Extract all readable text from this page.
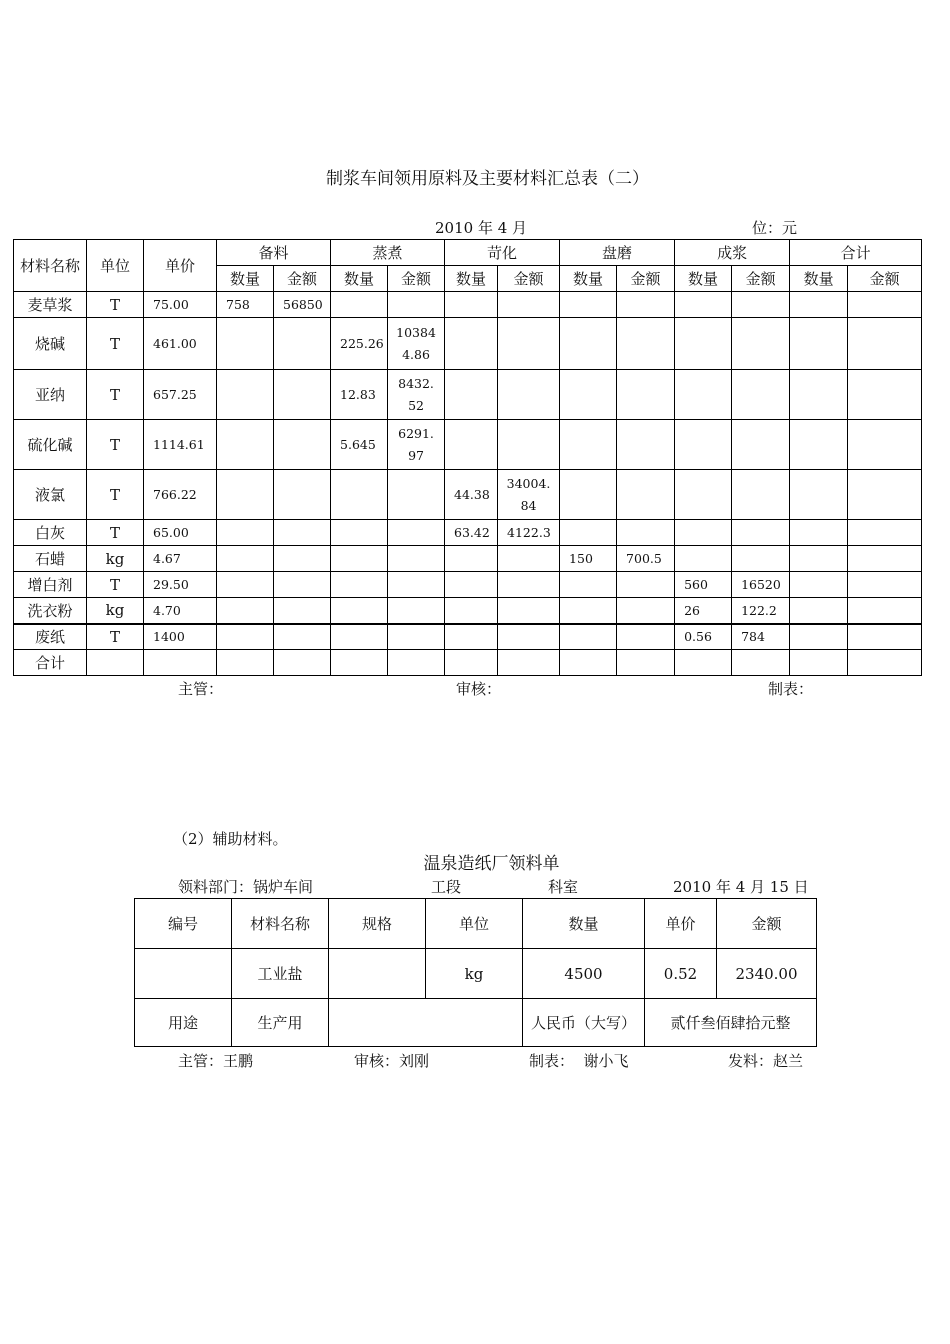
制浆车间领用原料及主要材料汇总表（二）
2010 年 4 月	位：元
材料名称	单位	单价	备料		蒸煮		苛化		盘磨		成浆		合计	
			数量	金额	数量	金额	数量	金额	数量	金额	数量	金额	数量	金额
麦草浆	T	75.00	758	56850										
烧碱	T	461.00			225.26	103844.86								
亚纳	T	657.25			12.83	8432.52								
硫化碱	T	1114.61			5.645	6291.97								
液氯	T	766.22					44.38	34004.84						
白灰	T	65.00					63.42	4122.3						
石蜡	kg	4.67							150	700.5				
增白剂	T	29.50									560	16520		
洗衣粉	kg	4.70									26	122.2		
废纸	T	1400									0.56	784		
合计														
主管：	审核：	制表：
（2）辅助材料。
温泉造纸厂领料单
领料部门：锅炉车间	工段	科室	2010 年 4 月 15 日
编号	材料名称	规格	单位	数量	单价	金额
	工业盐		kg	4500	0.52	2340.00
用途	生产用			人民币（大写）	贰仟叁佰肆拾元整	
主管：王鹏	审核：刘刚	制表：  谢小飞	发料：赵兰
